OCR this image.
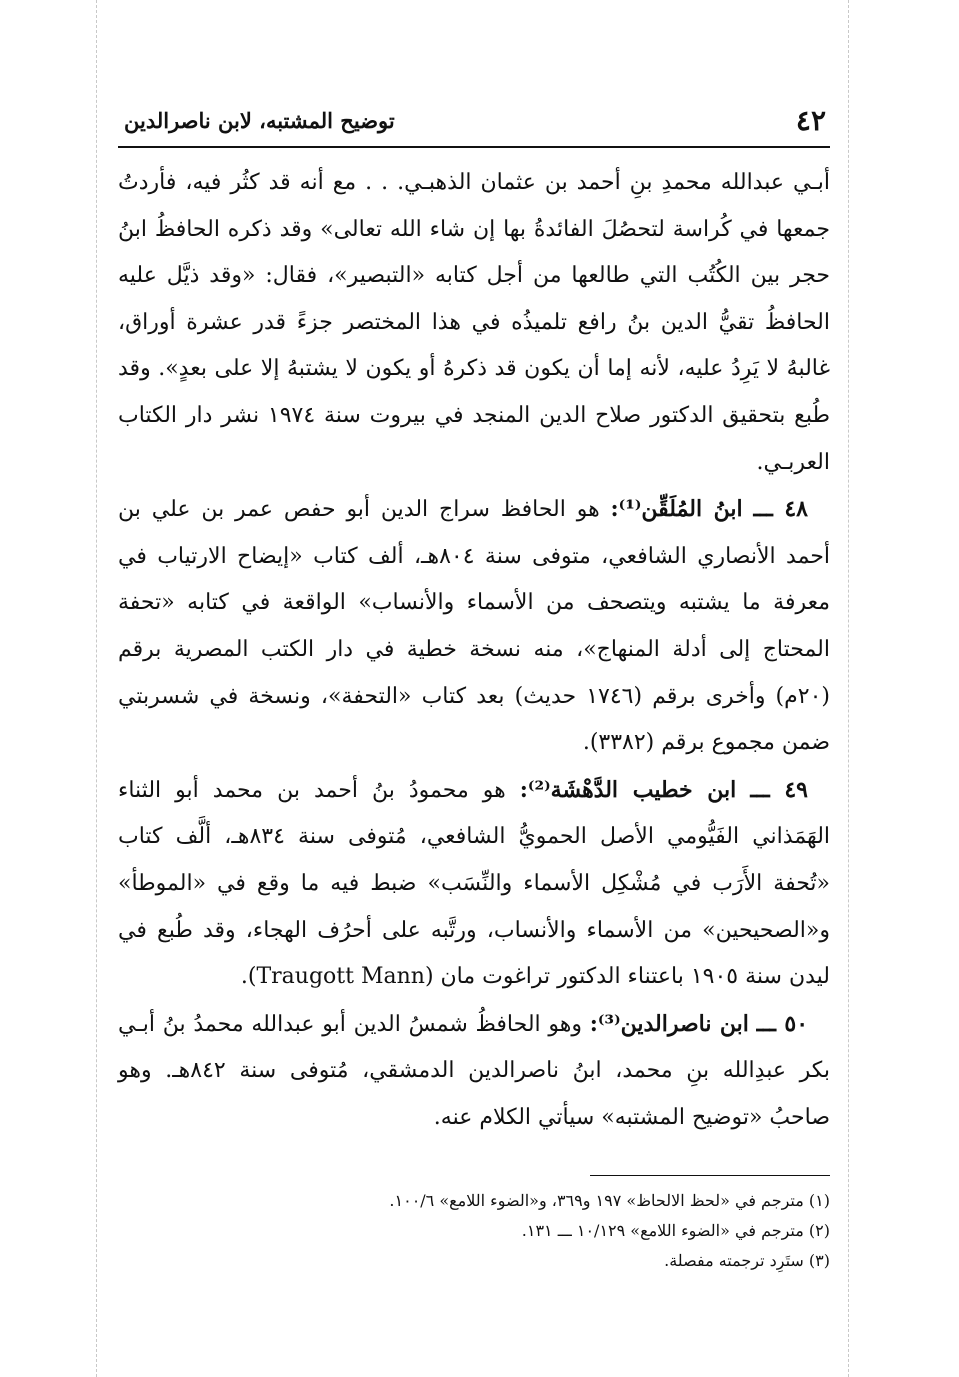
٤٢
توضيح المشتبه، لابن ناصرالدين

أبـي عبدالله محمدِ بنِ أحمد بن عثمان الذهبـي. . . مع أنه قد كثُر فيه، فأردتُ جمعها في كُراسة لتحصُلَ الفائدةُ بها إن شاء الله تعالى» وقد ذكره الحافظُ ابنُ حجر بين الكُتُب التي طالعها من أجل كتابه «التبصير»، فقال: «وقد ذيَّل عليه الحافظُ تقيُّ الدين بنُ رافع تلميذُه في هذا المختصر جزءً قدر عشرة أوراق، غالبهُ لا يَرِدُ عليه، لأنه إما أن يكون قد ذكرهُ أو يكون لا يشتبهُ إلا على بعدٍ». وقد طُبع بتحقيق الدكتور صلاح الدين المنجد في بيروت سنة ١٩٧٤ نشر دار الكتاب العربـي.

٤٨ ـــ ابنُ المُلَقِّن⁽¹⁾: هو الحافظ سراج الدين أبو حفص عمر بن علي بن أحمد الأنصاري الشافعي، متوفى سنة ٨٠٤هـ، ألف كتاب «إيضاح الارتياب في معرفة ما يشتبه ويتصحف من الأسماء والأنساب» الواقعة في كتابه «تحفة المحتاج إلى أدلة المنهاج»، منه نسخة خطية في دار الكتب المصرية برقم (٢٠م) وأخرى برقم (١٧٤٦ حديث) بعد كتاب «التحفة»، ونسخة في شسربتي ضمن مجموع برقم (٣٣٨٢).

٤٩ ـــ ابن خطيب الدَّهْشَة⁽²⁾: هو محمودُ بنُ أحمد بن محمد أبو الثناء الهَمَذاني الفَيُّومي الأصل الحمويُّ الشافعي، مُتوفى سنة ٨٣٤هـ، ألَّف كتاب «تُحفة الأَرَب في مُشْكِل الأسماء والنِّسَب» ضبط فيه ما وقع في «الموطأ» و«الصحيحين» من الأسماء والأنساب، ورتَّبه على أحرُف الهجاء، وقد طُبع في ليدن سنة ١٩٠٥ باعتناء الدكتور تراغوت مان (Traugott Mann).

٥٠ ـــ ابن ناصرالدين⁽³⁾: وهو الحافظُ شمسُ الدين أبو عبدالله محمدُ بنُ أبـي بكر عبدِالله بنِ محمد، ابنُ ناصرالدين الدمشقي، مُتوفى سنة ٨٤٢هـ. وهو صاحبُ «توضيح المشتبه» سيأتي الكلام عنه.

(١) مترجم في «لحظ الالحاظ» ١٩٧ و٣٦٩، و«الضوء اللامع» ١٠٠/٦.
(٢) مترجم في «الضوء اللامع» ١٠/١٢٩ ـــ ١٣١.
(٣) ستَرِد ترجمته مفصلة.
